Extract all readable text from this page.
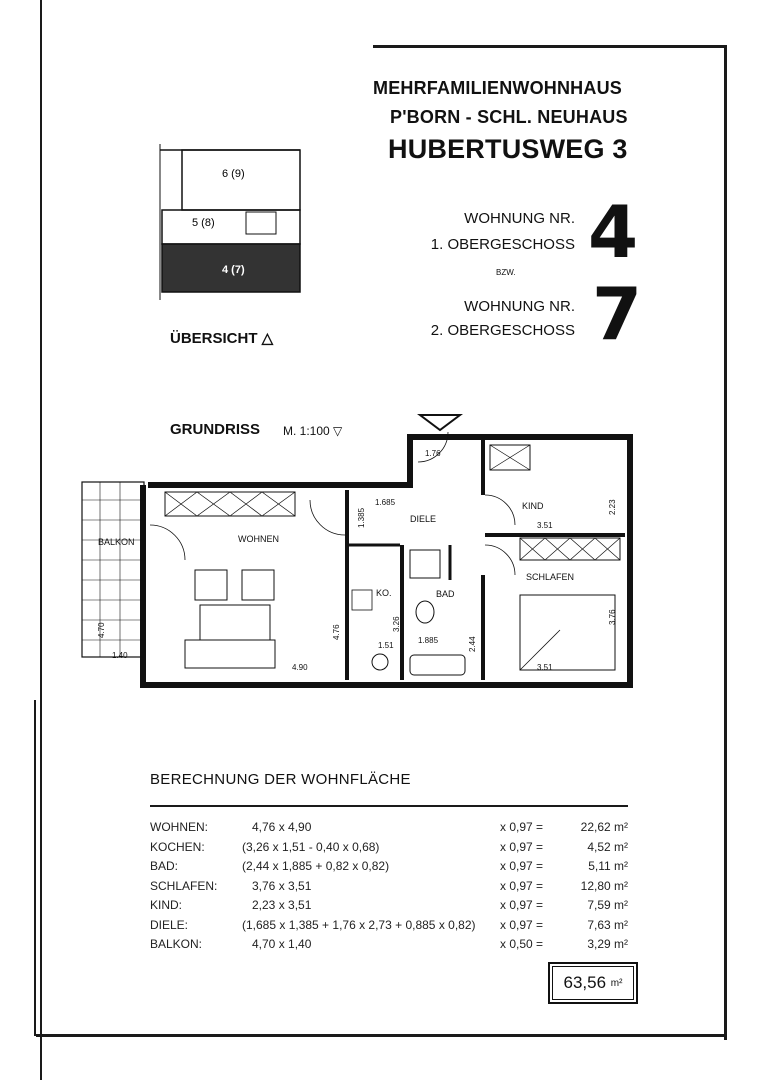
MEHRFAMILIENWOHNHAUS
P'BORN - SCHL. NEUHAUS
HUBERTUSWEG 3
WOHNUNG NR.
1. OBERGESCHOSS 4
BZW.
WOHNUNG NR.
2. OBERGESCHOSS 7
6 (9)
5 (8)
4 (7)
ÜBERSICHT △
GRUNDRISS M. 1:100 ▽
BALKON	WOHNEN
DIELE
KIND
SCHLAFEN
KO.	BAD
1.76
1.685
1.385
4.76
4.90
4.70
1.40
3.26
1.51
1.885	2.44
3.51
2.23
3.51
3.76
BERECHNUNG DER WOHNFLÄCHE
WOHNEN:	4,76 x 4,90	x 0,97 =	22,62 m²
KOCHEN:	(3,26 x 1,51 - 0,40 x 0,68)	x 0,97 =	4,52 m²
BAD:	(2,44 x 1,885 + 0,82 x 0,82)	x 0,97 =	5,11 m²
SCHLAFEN:	3,76 x 3,51	x 0,97 =	12,80 m²
KIND:	2,23 x 3,51	x 0,97 =	7,59 m²
DIELE:	(1,685 x 1,385 + 1,76 x 2,73 + 0,885 x 0,82) x 0,97 =	7,63 m²
BALKON:	4,70 x 1,40	x 0,50 =	3,29 m²
63,56
m²
